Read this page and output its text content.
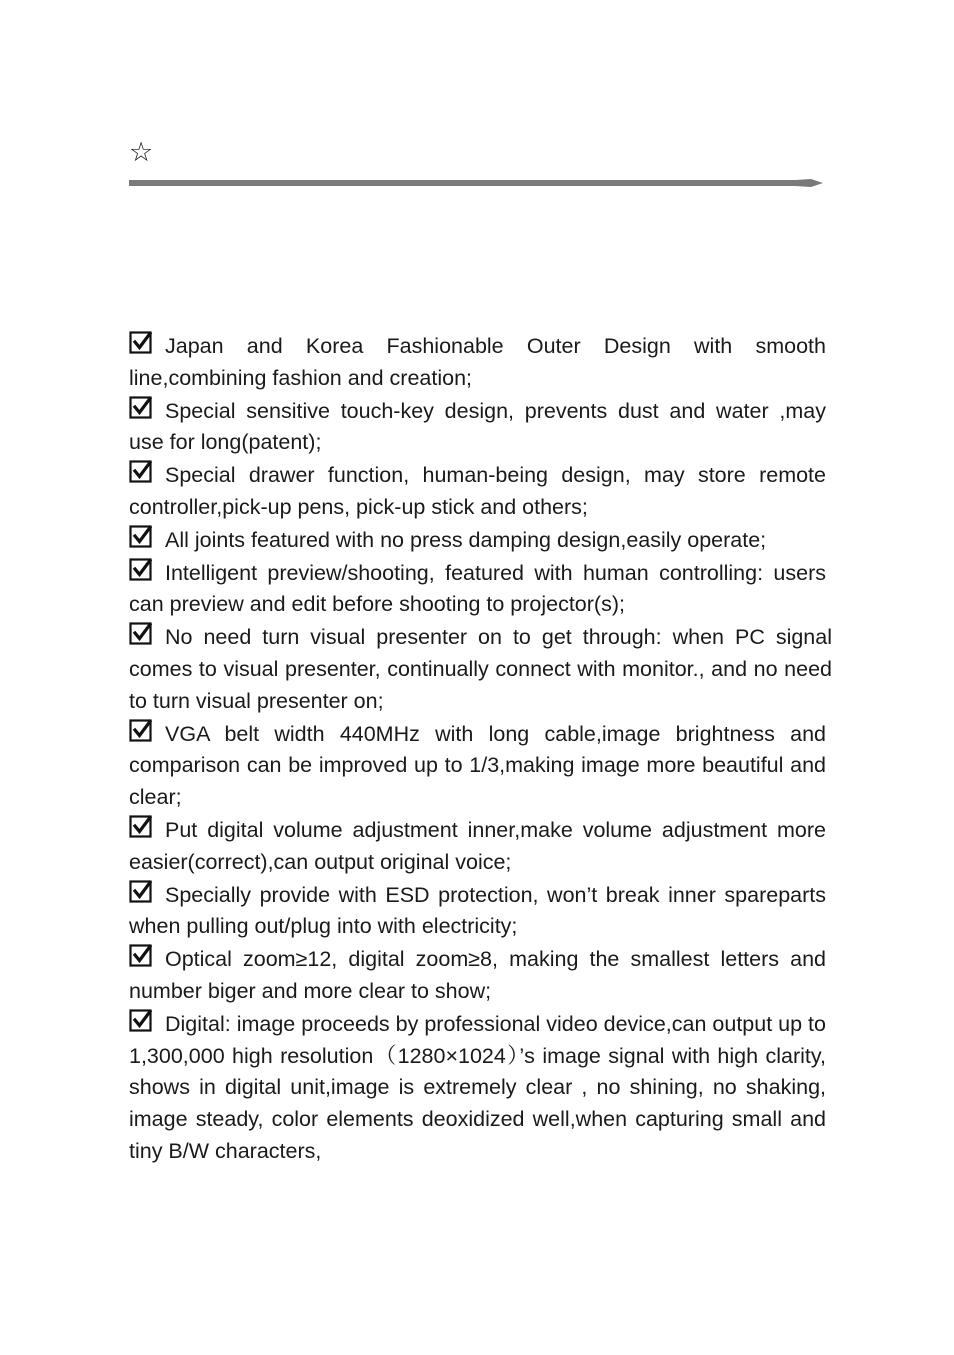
☆

Japan and Korea Fashionable Outer Design with smooth line,combining fashion and creation;

Special sensitive touch-key design, prevents dust and water ,may use for long(patent);

Special drawer function, human-being design, may store remote controller,pick-up pens, pick-up stick and others;

All joints featured with no press damping design,easily operate;

Intelligent preview/shooting, featured with human controlling: users can preview and edit before shooting to projector(s);

No need turn visual presenter on to get through: when PC signal comes to visual presenter, continually connect with monitor., and no need to turn visual presenter on;

VGA belt width 440MHz with long cable,image brightness and comparison can be improved up to 1/3,making image more beautiful and clear;

Put digital volume adjustment inner,make volume adjustment more easier(correct),can output original voice;

Specially provide with ESD protection, won’t break inner spareparts when pulling out/plug into with electricity;

Optical zoom≥12, digital zoom≥8, making the smallest letters and number biger and more clear to show;

Digital: image proceeds by professional video device,can output up to 1,300,000 high resolution（1280×1024）’s image signal with high clarity, shows in digital unit,image is extremely clear , no shining, no shaking, image steady, color elements deoxidized well,when capturing small and tiny B/W characters,
